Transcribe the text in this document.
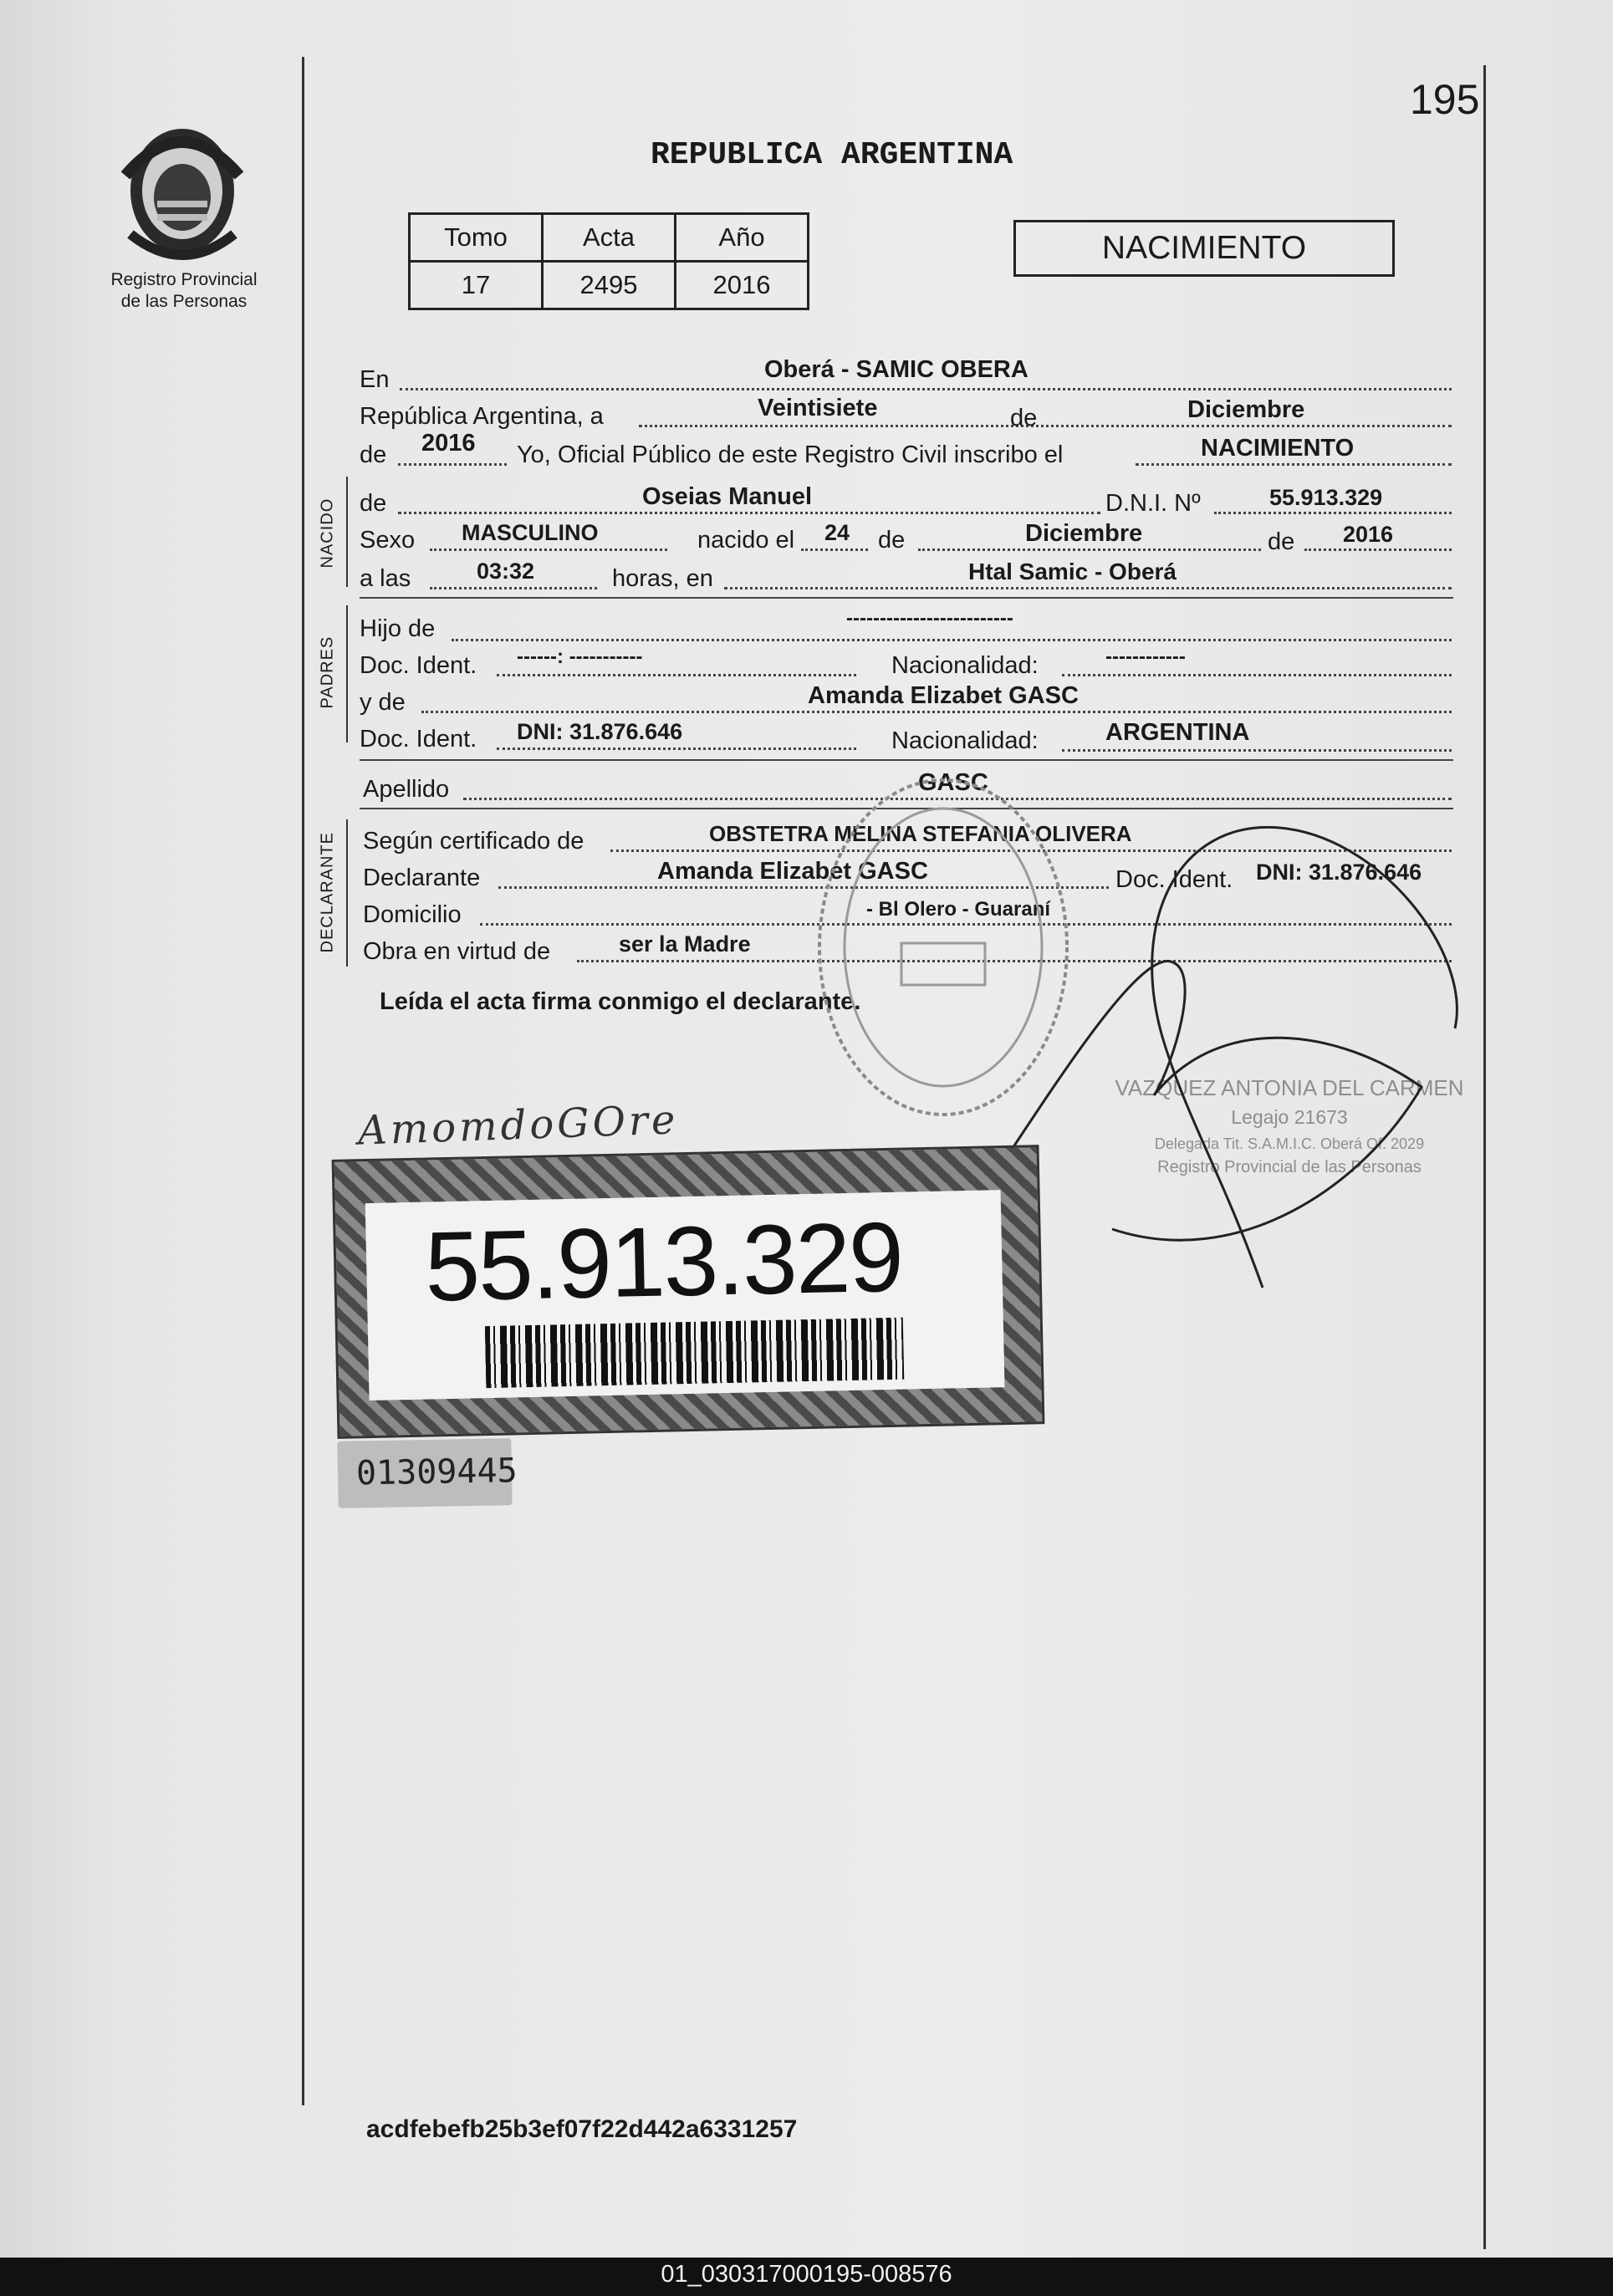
195
Registro Provincial
de las Personas
REPUBLICA ARGENTINA
Tomo	Acta	Año
17	2495	2016
NACIMIENTO
En	Oberá - SAMIC OBERA
República Argentina, a	Veintisiete	de	Diciembre
de 2016 Yo, Oficial Público de este Registro Civil inscribo el	NACIMIENTO
NACIDO de	Oseias Manuel	D.N.I. Nº	55.913.329
Sexo MASCULINO	nacido el 24 de	Diciembre	de 2016
a las	03:32	horas, en	Htal Samic - Oberá
PADRES
Hijo de	-------------------------
Doc. Ident. ------: -----------	Nacionalidad:	------------
y de	Amanda Elizabet GASC
Doc. Ident. DNI: 31.876.646	Nacionalidad:	ARGENTINA
Apellido	GASC
DECLARANTE Según certificado de	OBSTETRA MELINA STEFANIA OLIVERA
Declarante	Amanda Elizabet GASC	Doc. Ident. DNI: 31.876.646
Domicilio	- Bl Olero - Guaraní
Obra en virtud de	ser la Madre
Leída el acta firma conmigo el declarante.
VAZQUEZ ANTONIA DEL CARMEN
Legajo 21673
Delegada Tit. S.A.M.I.C. Oberá Of. 2029
Registro Provincial de las Personas
AmomdoGOre
55.913.329
01309445
acdfebefb25b3ef07f22d442a6331257
01_030317000195-008576
